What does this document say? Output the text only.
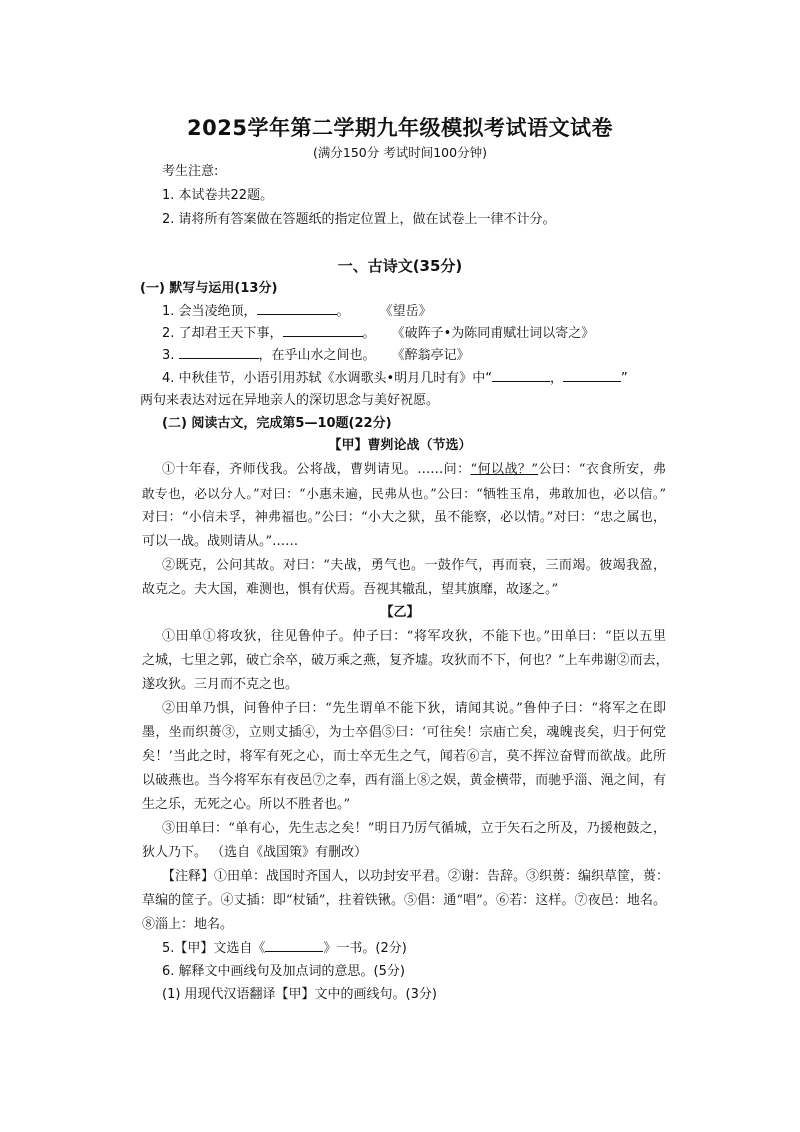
2025学年第二学期九年级模拟考试语文试卷
(满分150分 考试时间100分钟)
考生注意:
1. 本试卷共22题。
2. 请将所有答案做在答题纸的指定位置上，做在试卷上一律不计分。
一、古诗文(35分)
(一) 默写与运用(13分)
1. 会当凌绝顶，	。 《望岳》
2. 了却君王天下事，	。 《破阵子•为陈同甫赋壮词以寄之》
3.	，在乎山水之间也。 《醉翁亭记》
4. 中秋佳节，小语引用苏轼《水调歌头•明月几时有》中“	，	”
两句来表达对远在异地亲人的深切思念与美好祝愿。
(二) 阅读古文，完成第5—10题(22分)
【甲】曹刿论战（节选）
①十年春，齐师伐我。公将战，曹刿请见。……问：“何以战？”公曰：“衣食所安，弗
敢专也，必以分人。”对曰：“小惠未遍，民弗从也。”公曰：“牺牲玉帛，弗敢加也，必以信。”
对曰：“小信未孚，神弗福也。”公曰：“小大之狱，虽不能察，必以情。”对曰：“忠之属也，
可以一战。战则请从。”……
②既克，公问其故。对曰：“夫战，勇气也。一鼓作气，再而衰，三而竭。彼竭我盈，
故克之。夫大国，难测也，惧有伏焉。吾视其辙乱，望其旗靡，故逐之。”
【乙】
①田单①将攻狄，往见鲁仲子。仲子曰：“将军攻狄，不能下也。”田单曰：“臣以五里
之城，七里之郭，破亡余卒，破万乘之燕，复齐墟。攻狄而不下，何也？”上车弗谢②而去，
遂攻狄。三月而不克之也。
②田单乃惧，问鲁仲子曰：“先生谓单不能下狄，请闻其说。”鲁仲子曰：“将军之在即
墨，坐而织蒉③，立则丈插④，为士卒倡⑤曰：‘可往矣！宗庙亡矣，魂魄丧矣，归于何党
矣！’当此之时，将军有死之心，而士卒无生之气，闻若⑥言，莫不挥泣奋臂而欲战。此所
以破燕也。当今将军东有夜邑⑦之奉，西有淄上⑧之娱，黄金横带，而驰乎淄、渑之间，有
生之乐，无死之心。所以不胜者也。”
③田单曰：“单有心，先生志之矣！”明日乃厉气循城，立于矢石之所及，乃援枹鼓之，
狄人乃下。 （选自《战国策》有删改）
【注释】①田单：战国时齐国人，以功封安平君。②谢：告辞。③织蒉：编织草筐，蒉：
草编的筐子。④丈插：即“杖锸”，拄着铁锹。⑤倡：通“唱”。⑥若：这样。⑦夜邑：地名。
⑧淄上：地名。
5.【甲】文选自《	》一书。(2分)
6. 解释文中画线句及加点词的意思。(5分)
(1) 用现代汉语翻译【甲】文中的画线句。(3分)
